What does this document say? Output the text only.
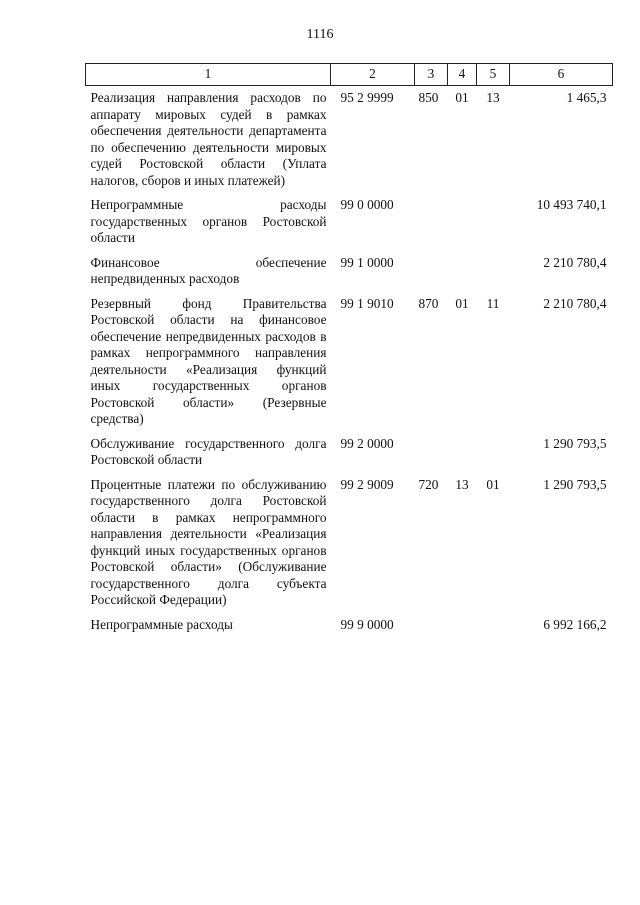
1116
1	2	3	4	5	6
Реализация направления расходов по аппарату мировых судей в рамках обеспечения деятельности департамента по обеспечению деятельности мировых судей Ростовской области (Уплата налогов, сборов и иных платежей)	95 2 9999	850	01	13	1 465,3
Непрограммные расходы государственных органов Ростовской области	99 0 0000				10 493 740,1
Финансовое обеспечение непредвиденных расходов	99 1 0000				2 210 780,4
Резервный фонд Правительства Ростовской области на финансовое обеспечение непредвиденных расходов в рамках непрограммного направления деятельности «Реализация функций иных государственных органов Ростовской области» (Резервные средства)	99 1 9010	870	01	11	2 210 780,4
Обслуживание государственного долга Ростовской области	99 2 0000				1 290 793,5
Процентные платежи по обслуживанию государственного долга Ростовской области в рамках непрограммного направления деятельности «Реализация функций иных государственных органов Ростовской области» (Обслуживание государственного долга субъекта Российской Федерации)	99 2 9009	720	13	01	1 290 793,5
Непрограммные расходы	99 9 0000				6 992 166,2
